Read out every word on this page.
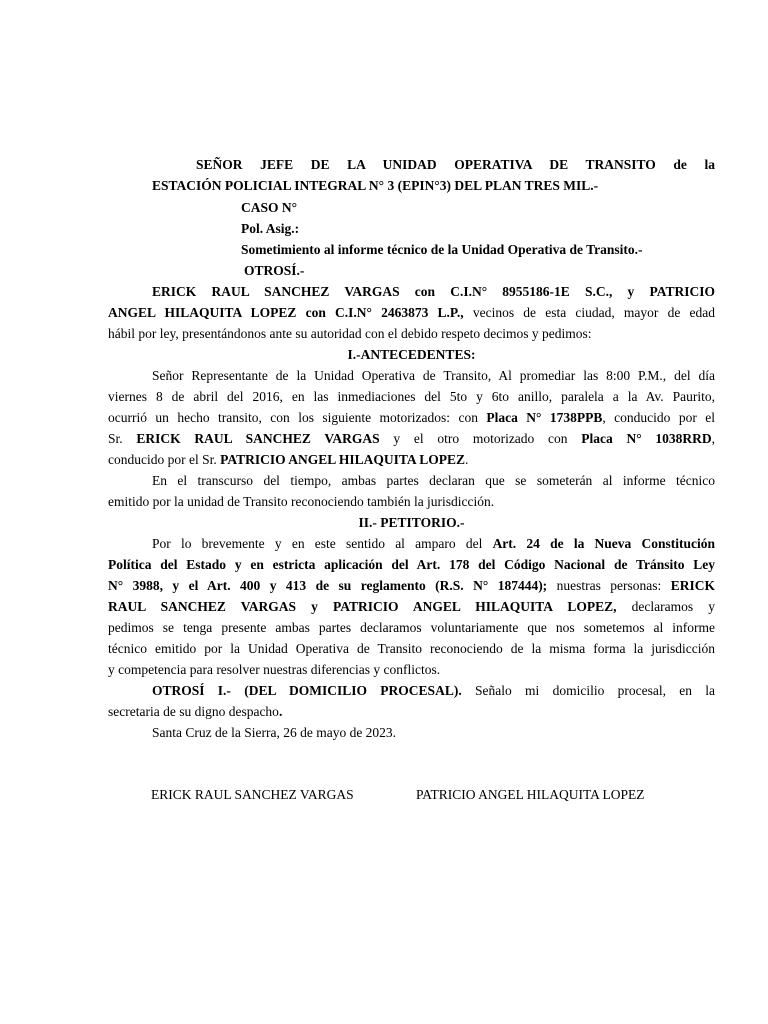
SEÑOR JEFE DE LA UNIDAD OPERATIVA DE TRANSITO de la
ESTACIÓN POLICIAL INTEGRAL N° 3 (EPIN°3) DEL PLAN TRES MIL.-
CASO N°
Pol. Asig.:
Sometimiento al informe técnico de la Unidad Operativa de Transito.-
OTROSÍ.-
ERICK RAUL SANCHEZ VARGAS con C.I.N° 8955186-1E S.C., y PATRICIO
ANGEL HILAQUITA LOPEZ con C.I.N° 2463873 L.P., vecinos de esta ciudad, mayor de edad
hábil por ley, presentándonos ante su autoridad con el debido respeto decimos y pedimos:
I.-ANTECEDENTES:
Señor Representante de la Unidad Operativa de Transito, Al promediar las 8:00 P.M., del día
viernes 8 de abril del 2016, en las inmediaciones del 5to y 6to anillo, paralela a la Av. Paurito,
ocurrió un hecho transito, con los siguiente motorizados: con Placa N° 1738PPB, conducido por el
Sr. ERICK RAUL SANCHEZ VARGAS y el otro motorizado con Placa N° 1038RRD,
conducido por el Sr. PATRICIO ANGEL HILAQUITA LOPEZ.
En el transcurso del tiempo, ambas partes declaran que se someterán al informe técnico
emitido por la unidad de Transito reconociendo también la jurisdicción.
II.- PETITORIO.-
Por lo brevemente y en este sentido al amparo del Art. 24 de la Nueva Constitución
Política del Estado y en estricta aplicación del Art. 178 del Código Nacional de Tránsito Ley
N° 3988, y el Art. 400 y 413 de su reglamento (R.S. N° 187444); nuestras personas: ERICK
RAUL SANCHEZ VARGAS y PATRICIO ANGEL HILAQUITA LOPEZ, declaramos y
pedimos se tenga presente ambas partes declaramos voluntariamente que nos sometemos al informe
técnico emitido por la Unidad Operativa de Transito reconociendo de la misma forma la jurisdicción
y competencia para resolver nuestras diferencias y conflictos.
OTROSÍ I.- (DEL DOMICILIO PROCESAL). Señalo mi domicilio procesal, en la
secretaria de su digno despacho.
Santa Cruz de la Sierra, 26 de mayo de 2023.
ERICK RAUL SANCHEZ VARGAS	PATRICIO ANGEL HILAQUITA LOPEZ
